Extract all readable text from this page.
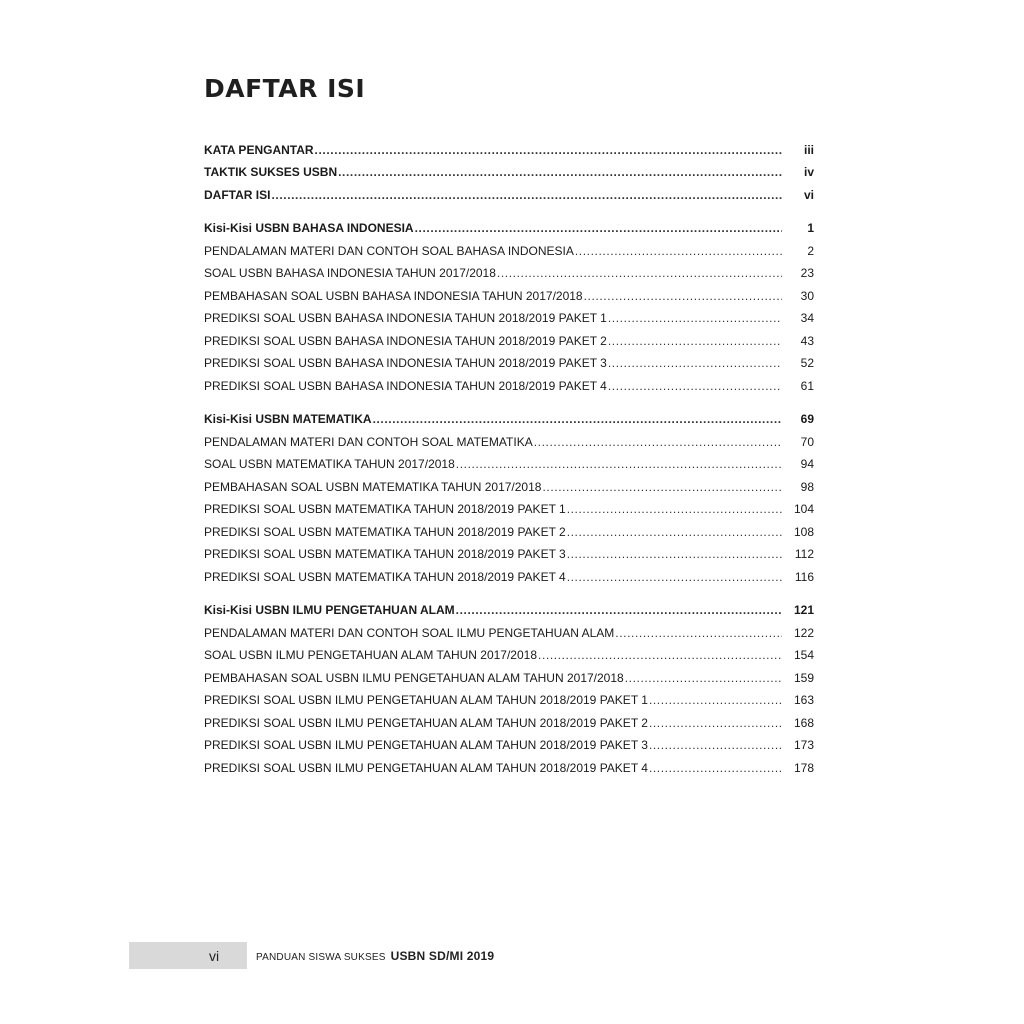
DAFTAR ISI
KATA PENGANTAR .....	iii
TAKTIK SUKSES USBN .....	iv
DAFTAR ISI .....	vi
Kisi-Kisi USBN BAHASA INDONESIA .....	1
PENDALAMAN MATERI DAN CONTOH SOAL BAHASA INDONESIA .....	2
SOAL USBN BAHASA INDONESIA TAHUN 2017/2018 .....	23
PEMBAHASAN SOAL USBN BAHASA INDONESIA TAHUN 2017/2018 .....	30
PREDIKSI SOAL USBN BAHASA INDONESIA TAHUN 2018/2019 PAKET 1 .....	34
PREDIKSI SOAL USBN BAHASA INDONESIA TAHUN 2018/2019 PAKET 2 .....	43
PREDIKSI SOAL USBN BAHASA INDONESIA TAHUN 2018/2019 PAKET 3 .....	52
PREDIKSI SOAL USBN BAHASA INDONESIA TAHUN 2018/2019 PAKET 4 .....	61
Kisi-Kisi USBN MATEMATIKA .....	69
PENDALAMAN MATERI DAN CONTOH SOAL MATEMATIKA .....	70
SOAL USBN MATEMATIKA TAHUN 2017/2018 .....	94
PEMBAHASAN SOAL USBN MATEMATIKA TAHUN 2017/2018 .....	98
PREDIKSI SOAL USBN MATEMATIKA TAHUN 2018/2019 PAKET 1 .....	104
PREDIKSI SOAL USBN MATEMATIKA TAHUN 2018/2019 PAKET 2 .....	108
PREDIKSI SOAL USBN MATEMATIKA TAHUN 2018/2019 PAKET 3 .....	112
PREDIKSI SOAL USBN MATEMATIKA TAHUN 2018/2019 PAKET 4 .....	116
Kisi-Kisi USBN ILMU PENGETAHUAN ALAM .....	121
PENDALAMAN MATERI DAN CONTOH SOAL ILMU PENGETAHUAN ALAM .....	122
SOAL USBN ILMU PENGETAHUAN ALAM TAHUN 2017/2018 .....	154
PEMBAHASAN SOAL USBN ILMU PENGETAHUAN ALAM TAHUN 2017/2018 .....	159
PREDIKSI SOAL USBN ILMU PENGETAHUAN ALAM TAHUN 2018/2019 PAKET 1 .....	163
PREDIKSI SOAL USBN ILMU PENGETAHUAN ALAM TAHUN 2018/2019 PAKET 2 .....	168
PREDIKSI SOAL USBN ILMU PENGETAHUAN ALAM TAHUN 2018/2019 PAKET 3 .....	173
PREDIKSI SOAL USBN ILMU PENGETAHUAN ALAM TAHUN 2018/2019 PAKET 4 .....	178
vi	PANDUAN SISWA SUKSES USBN SD/MI 2019
